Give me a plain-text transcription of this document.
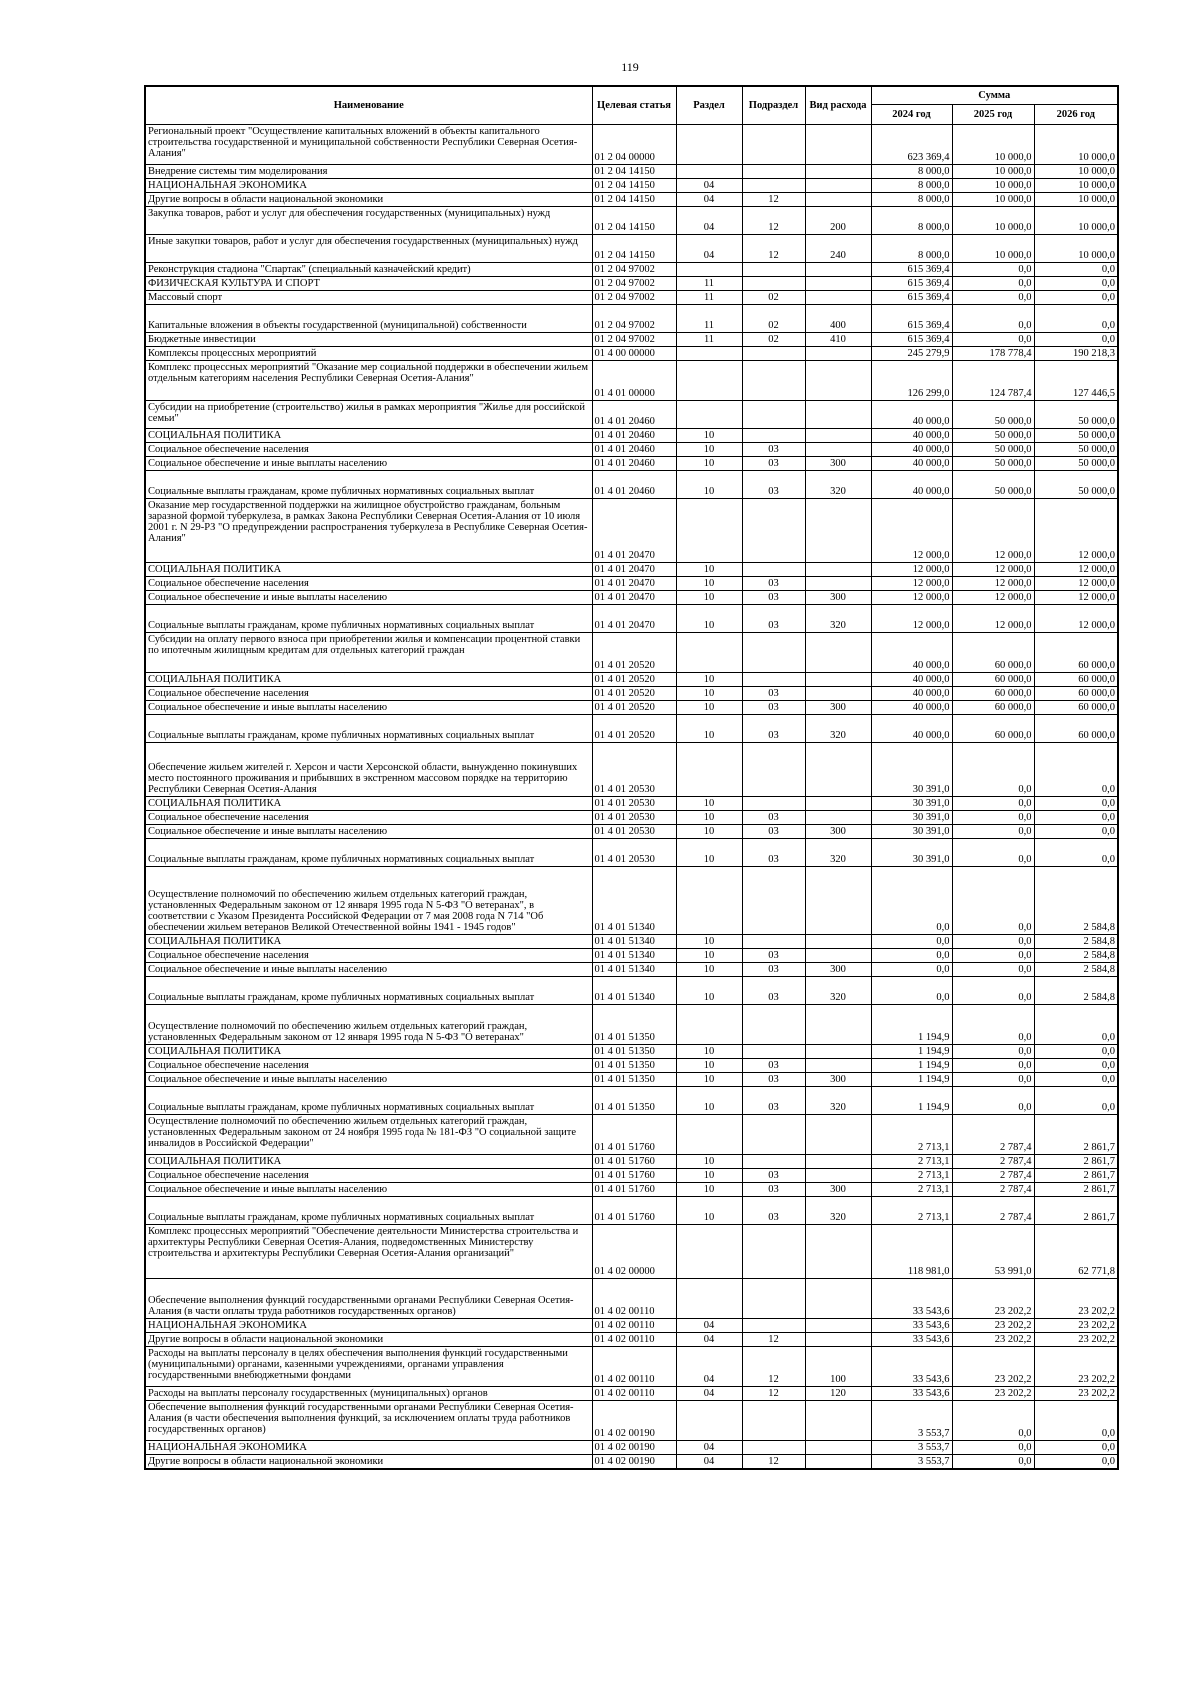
119
Наименование	Целевая статья	Раздел	Подраздел	Вид расхода	Сумма		
					2024 год	2025 год	2026 год
Региональный проект "Осуществление капитальных вложений в объекты капитального строительства государственной и муниципальной собственности Республики Северная Осетия-Алания"	01 2 04 00000				623 369,4	10 000,0	10 000,0
Внедрение системы тим моделирования	01 2 04 14150				8 000,0	10 000,0	10 000,0
НАЦИОНАЛЬНАЯ ЭКОНОМИКА	01 2 04 14150	04			8 000,0	10 000,0	10 000,0
Другие вопросы в области национальной экономики	01 2 04 14150	04	12		8 000,0	10 000,0	10 000,0
Закупка товаров, работ и услуг для обеспечения государственных (муниципальных) нужд	01 2 04 14150	04	12	200	8 000,0	10 000,0	10 000,0
Иные закупки товаров, работ и услуг для обеспечения государственных (муниципальных) нужд	01 2 04 14150	04	12	240	8 000,0	10 000,0	10 000,0
Реконструкция стадиона "Спартак" (специальный казначейский кредит)	01 2 04 97002				615 369,4	0,0	0,0
ФИЗИЧЕСКАЯ КУЛЬТУРА И СПОРТ	01 2 04 97002	11			615 369,4	0,0	0,0
Массовый спорт	01 2 04 97002	11	02		615 369,4	0,0	0,0
Капитальные вложения в объекты государственной (муниципальной) собственности	01 2 04 97002	11	02	400	615 369,4	0,0	0,0
Бюджетные инвестиции	01 2 04 97002	11	02	410	615 369,4	0,0	0,0
Комплексы процессных мероприятий	01 4 00 00000				245 279,9	178 778,4	190 218,3
Комплекс процессных мероприятий "Оказание мер социальной поддержки в обеспечении жильем отдельным категориям населения Республики Северная Осетия-Алания"	01 4 01 00000				126 299,0	124 787,4	127 446,5
Субсидии на приобретение (строительство) жилья в рамках мероприятия "Жилье для российской семьи"	01 4 01 20460				40 000,0	50 000,0	50 000,0
СОЦИАЛЬНАЯ ПОЛИТИКА	01 4 01 20460	10			40 000,0	50 000,0	50 000,0
Социальное обеспечение населения	01 4 01 20460	10	03		40 000,0	50 000,0	50 000,0
Социальное обеспечение и иные выплаты населению	01 4 01 20460	10	03	300	40 000,0	50 000,0	50 000,0
Социальные выплаты гражданам, кроме публичных нормативных социальных выплат	01 4 01 20460	10	03	320	40 000,0	50 000,0	50 000,0
Оказание мер государственной поддержки на жилищное обустройство гражданам, больным заразной формой туберкулеза, в рамках Закона Республики Северная Осетия-Алания от 10 июля 2001 г. N 29-РЗ "О предупреждении распространения туберкулеза в Республике Северная Осетия-Алания"	01 4 01 20470				12 000,0	12 000,0	12 000,0
СОЦИАЛЬНАЯ ПОЛИТИКА	01 4 01 20470	10			12 000,0	12 000,0	12 000,0
Социальное обеспечение населения	01 4 01 20470	10	03		12 000,0	12 000,0	12 000,0
Социальное обеспечение и иные выплаты населению	01 4 01 20470	10	03	300	12 000,0	12 000,0	12 000,0
Социальные выплаты гражданам, кроме публичных нормативных социальных выплат	01 4 01 20470	10	03	320	12 000,0	12 000,0	12 000,0
Субсидии на оплату первого взноса при приобретении жилья и компенсации процентной ставки по ипотечным жилищным кредитам для отдельных категорий граждан	01 4 01 20520				40 000,0	60 000,0	60 000,0
СОЦИАЛЬНАЯ ПОЛИТИКА	01 4 01 20520	10			40 000,0	60 000,0	60 000,0
Социальное обеспечение населения	01 4 01 20520	10	03		40 000,0	60 000,0	60 000,0
Социальное обеспечение и иные выплаты населению	01 4 01 20520	10	03	300	40 000,0	60 000,0	60 000,0
Социальные выплаты гражданам, кроме публичных нормативных социальных выплат	01 4 01 20520	10	03	320	40 000,0	60 000,0	60 000,0
Обеспечение жильем жителей г. Херсон и части Херсонской области, вынужденно покинувших место постоянного проживания и прибывших в экстренном массовом порядке на территорию Республики Северная Осетия-Алания	01 4 01 20530				30 391,0	0,0	0,0
СОЦИАЛЬНАЯ ПОЛИТИКА	01 4 01 20530	10			30 391,0	0,0	0,0
Социальное обеспечение населения	01 4 01 20530	10	03		30 391,0	0,0	0,0
Социальное обеспечение и иные выплаты населению	01 4 01 20530	10	03	300	30 391,0	0,0	0,0
Социальные выплаты гражданам, кроме публичных нормативных социальных выплат	01 4 01 20530	10	03	320	30 391,0	0,0	0,0
Осуществление полномочий по обеспечению жильем отдельных категорий граждан, установленных Федеральным законом от 12 января 1995 года N 5-ФЗ "О ветеранах", в соответствии с Указом Президента Российской Федерации от 7 мая 2008 года N 714 "Об обеспечении жильем ветеранов Великой Отечественной войны 1941 - 1945 годов"	01 4 01 51340				0,0	0,0	2 584,8
СОЦИАЛЬНАЯ ПОЛИТИКА	01 4 01 51340	10			0,0	0,0	2 584,8
Социальное обеспечение населения	01 4 01 51340	10	03		0,0	0,0	2 584,8
Социальное обеспечение и иные выплаты населению	01 4 01 51340	10	03	300	0,0	0,0	2 584,8
Социальные выплаты гражданам, кроме публичных нормативных социальных выплат	01 4 01 51340	10	03	320	0,0	0,0	2 584,8
Осуществление полномочий по обеспечению жильем отдельных категорий граждан, установленных Федеральным законом от 12 января 1995 года N 5-ФЗ "О ветеранах"	01 4 01 51350				1 194,9	0,0	0,0
СОЦИАЛЬНАЯ ПОЛИТИКА	01 4 01 51350	10			1 194,9	0,0	0,0
Социальное обеспечение населения	01 4 01 51350	10	03		1 194,9	0,0	0,0
Социальное обеспечение и иные выплаты населению	01 4 01 51350	10	03	300	1 194,9	0,0	0,0
Социальные выплаты гражданам, кроме публичных нормативных социальных выплат	01 4 01 51350	10	03	320	1 194,9	0,0	0,0
Осуществление полномочий по обеспечению жильем отдельных категорий граждан, установленных Федеральным законом от 24 ноября 1995 года № 181-ФЗ "О социальной защите инвалидов в Российской Федерации"	01 4 01 51760				2 713,1	2 787,4	2 861,7
СОЦИАЛЬНАЯ ПОЛИТИКА	01 4 01 51760	10			2 713,1	2 787,4	2 861,7
Социальное обеспечение населения	01 4 01 51760	10	03		2 713,1	2 787,4	2 861,7
Социальное обеспечение и иные выплаты населению	01 4 01 51760	10	03	300	2 713,1	2 787,4	2 861,7
Социальные выплаты гражданам, кроме публичных нормативных социальных выплат	01 4 01 51760	10	03	320	2 713,1	2 787,4	2 861,7
Комплекс процессных мероприятий "Обеспечение деятельности Министерства строительства и архитектуры Республики Северная Осетия-Алания, подведомственных Министерству строительства и архитектуры Республики Северная Осетия-Алания организаций"	01 4 02 00000				118 981,0	53 991,0	62 771,8
Обеспечение выполнения функций государственными органами Республики Северная Осетия-Алания (в части оплаты труда работников государственных органов)	01 4 02 00110				33 543,6	23 202,2	23 202,2
НАЦИОНАЛЬНАЯ ЭКОНОМИКА	01 4 02 00110	04			33 543,6	23 202,2	23 202,2
Другие вопросы в области национальной экономики	01 4 02 00110	04	12		33 543,6	23 202,2	23 202,2
Расходы на выплаты персоналу в целях обеспечения выполнения функций государственными (муниципальными) органами, казенными учреждениями, органами управления государственными внебюджетными фондами	01 4 02 00110	04	12	100	33 543,6	23 202,2	23 202,2
Расходы на выплаты персоналу государственных (муниципальных) органов	01 4 02 00110	04	12	120	33 543,6	23 202,2	23 202,2
Обеспечение выполнения функций государственными органами Республики Северная Осетия-Алания (в части обеспечения выполнения функций, за исключением оплаты труда работников государственных органов)	01 4 02 00190				3 553,7	0,0	0,0
НАЦИОНАЛЬНАЯ ЭКОНОМИКА	01 4 02 00190	04			3 553,7	0,0	0,0
Другие вопросы в области национальной экономики	01 4 02 00190	04	12		3 553,7	0,0	0,0
